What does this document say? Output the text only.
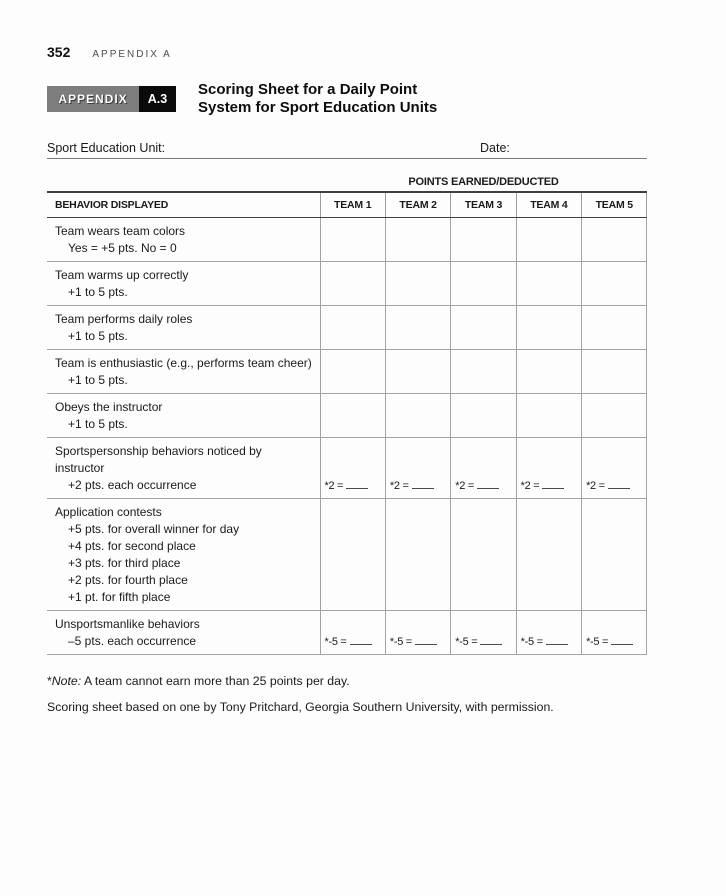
352 APPENDIX A
APPENDIX	A.3
Scoring Sheet for a Daily Point
System for Sport Education Units
Sport Education Unit:	Date:
POINTS EARNED/DEDUCTED
BEHAVIOR DISPLAYED	TEAM 1	TEAM 2	TEAM 3	TEAM 4	TEAM 5

Team wears team colors
Yes = +5 pts. No = 0					

Team warms up correctly
+1 to 5 pts.					

Team performs daily roles
+1 to 5 pts.					

Team is enthusiastic (e.g., performs team cheer)
+1 to 5 pts.					

Obeys the instructor
+1 to 5 pts.					

Sportspersonship behaviors noticed by instructor
+2 pts. each occurrence	*2 =	*2 =	*2 =	*2 =	*2 =

Application contests
+5 pts. for overall winner for day
+4 pts. for second place
+3 pts. for third place
+2 pts. for fourth place
+1 pt. for fifth place

Unsportsmanlike behaviors
–5 pts. each occurrence	*-5 =	*-5 =	*-5 =	*-5 =	*-5 =

*Note: A team cannot earn more than 25 points per day.

Scoring sheet based on one by Tony Pritchard, Georgia Southern University, with permission.
